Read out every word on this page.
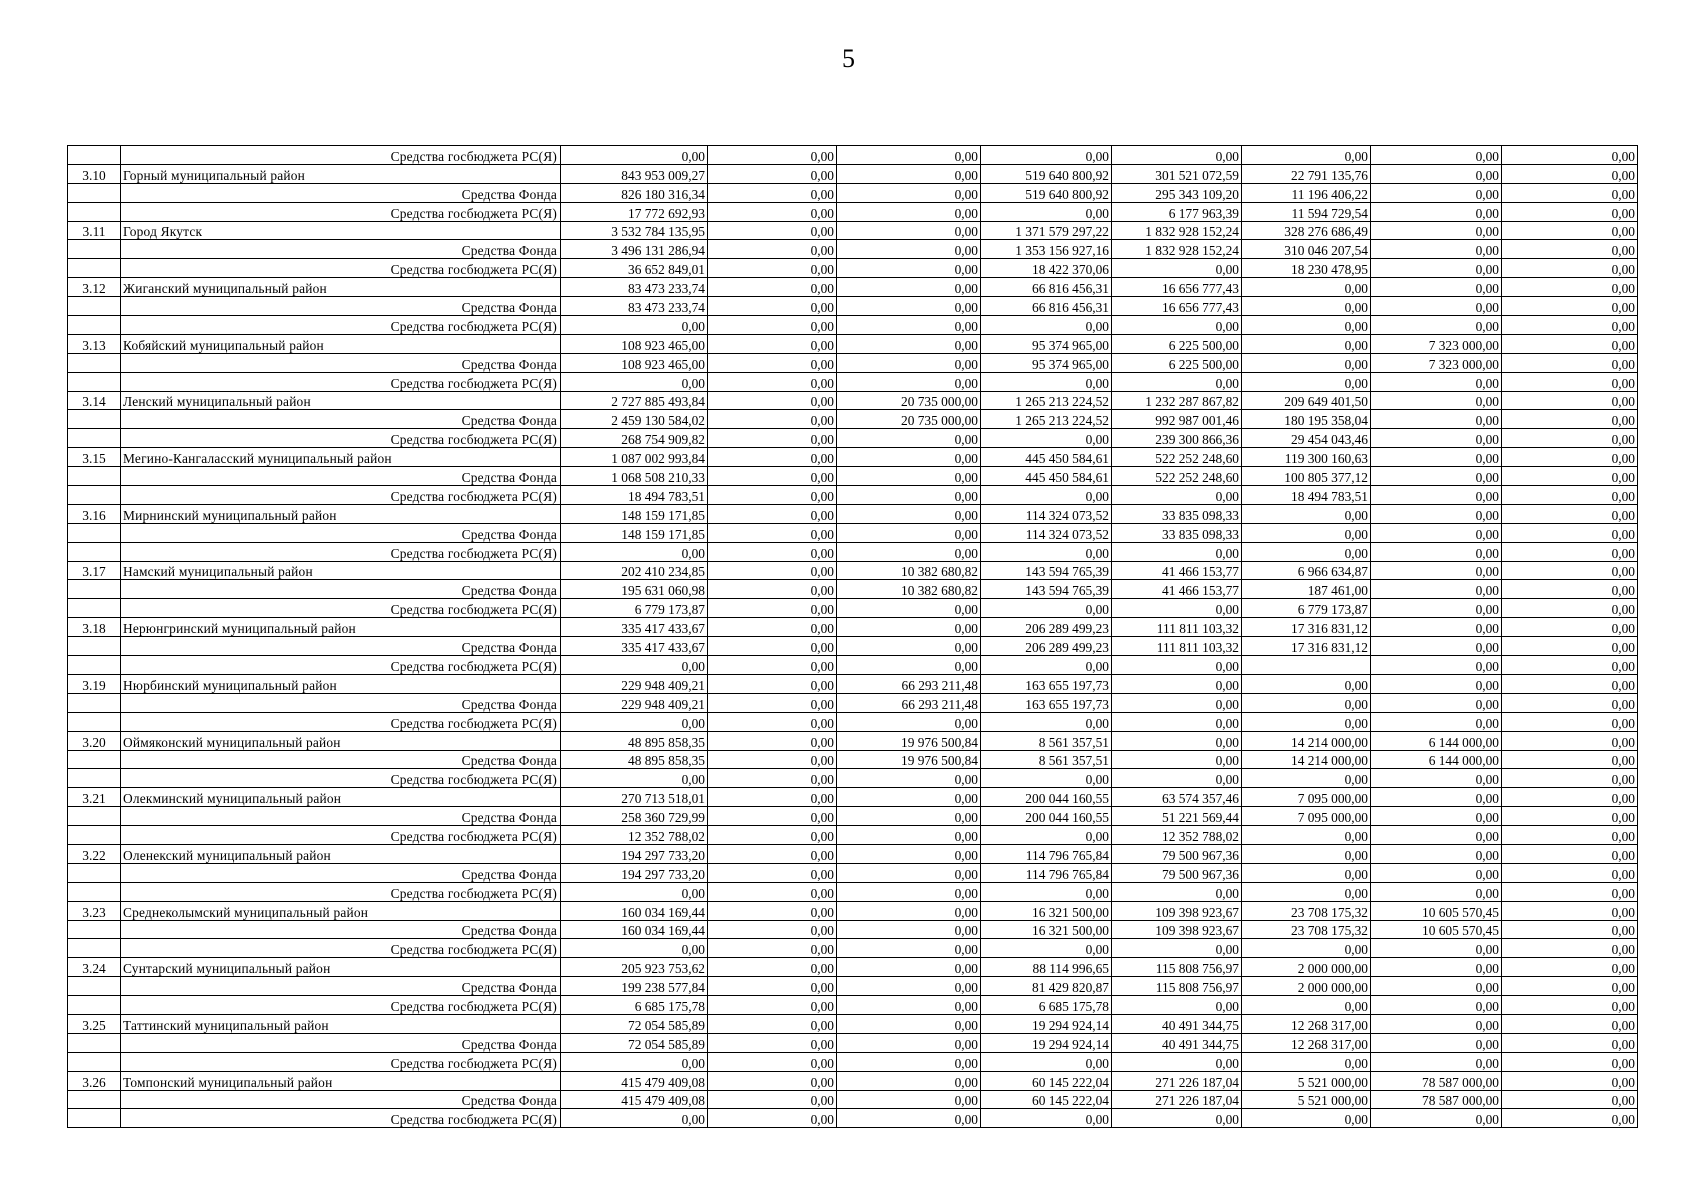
5
	Средства госбюджета РС(Я)	0,00	0,00	0,00	0,00	0,00	0,00	0,00	0,00
3.10	Горный муниципальный район	843 953 009,27	0,00	0,00	519 640 800,92	301 521 072,59	22 791 135,76	0,00	0,00
	Средства Фонда	826 180 316,34	0,00	0,00	519 640 800,92	295 343 109,20	11 196 406,22	0,00	0,00
	Средства госбюджета РС(Я)	17 772 692,93	0,00	0,00	0,00	6 177 963,39	11 594 729,54	0,00	0,00
3.11	Город Якутск	3 532 784 135,95	0,00	0,00	1 371 579 297,22	1 832 928 152,24	328 276 686,49	0,00	0,00
	Средства Фонда	3 496 131 286,94	0,00	0,00	1 353 156 927,16	1 832 928 152,24	310 046 207,54	0,00	0,00
	Средства госбюджета РС(Я)	36 652 849,01	0,00	0,00	18 422 370,06	0,00	18 230 478,95	0,00	0,00
3.12	Жиганский муниципальный район	83 473 233,74	0,00	0,00	66 816 456,31	16 656 777,43	0,00	0,00	0,00
	Средства Фонда	83 473 233,74	0,00	0,00	66 816 456,31	16 656 777,43	0,00	0,00	0,00
	Средства госбюджета РС(Я)	0,00	0,00	0,00	0,00	0,00	0,00	0,00	0,00
3.13	Кобяйский муниципальный район	108 923 465,00	0,00	0,00	95 374 965,00	6 225 500,00	0,00	7 323 000,00	0,00
	Средства Фонда	108 923 465,00	0,00	0,00	95 374 965,00	6 225 500,00	0,00	7 323 000,00	0,00
	Средства госбюджета РС(Я)	0,00	0,00	0,00	0,00	0,00	0,00	0,00	0,00
3.14	Ленский муниципальный район	2 727 885 493,84	0,00	20 735 000,00	1 265 213 224,52	1 232 287 867,82	209 649 401,50	0,00	0,00
	Средства Фонда	2 459 130 584,02	0,00	20 735 000,00	1 265 213 224,52	992 987 001,46	180 195 358,04	0,00	0,00
	Средства госбюджета РС(Я)	268 754 909,82	0,00	0,00	0,00	239 300 866,36	29 454 043,46	0,00	0,00
3.15	Мегино-Кангаласский муниципальный район	1 087 002 993,84	0,00	0,00	445 450 584,61	522 252 248,60	119 300 160,63	0,00	0,00
	Средства Фонда	1 068 508 210,33	0,00	0,00	445 450 584,61	522 252 248,60	100 805 377,12	0,00	0,00
	Средства госбюджета РС(Я)	18 494 783,51	0,00	0,00	0,00	0,00	18 494 783,51	0,00	0,00
3.16	Мирнинский муниципальный район	148 159 171,85	0,00	0,00	114 324 073,52	33 835 098,33	0,00	0,00	0,00
	Средства Фонда	148 159 171,85	0,00	0,00	114 324 073,52	33 835 098,33	0,00	0,00	0,00
	Средства госбюджета РС(Я)	0,00	0,00	0,00	0,00	0,00	0,00	0,00	0,00
3.17	Намский муниципальный район	202 410 234,85	0,00	10 382 680,82	143 594 765,39	41 466 153,77	6 966 634,87	0,00	0,00
	Средства Фонда	195 631 060,98	0,00	10 382 680,82	143 594 765,39	41 466 153,77	187 461,00	0,00	0,00
	Средства госбюджета РС(Я)	6 779 173,87	0,00	0,00	0,00	0,00	6 779 173,87	0,00	0,00
3.18	Нерюнгринский муниципальный район	335 417 433,67	0,00	0,00	206 289 499,23	111 811 103,32	17 316 831,12	0,00	0,00
	Средства Фонда	335 417 433,67	0,00	0,00	206 289 499,23	111 811 103,32	17 316 831,12	0,00	0,00
	Средства госбюджета РС(Я)	0,00	0,00	0,00	0,00	0,00		0,00	0,00
3.19	Нюрбинский муниципальный район	229 948 409,21	0,00	66 293 211,48	163 655 197,73	0,00	0,00	0,00	0,00
	Средства Фонда	229 948 409,21	0,00	66 293 211,48	163 655 197,73	0,00	0,00	0,00	0,00
	Средства госбюджета РС(Я)	0,00	0,00	0,00	0,00	0,00	0,00	0,00	0,00
3.20	Оймяконский муниципальный район	48 895 858,35	0,00	19 976 500,84	8 561 357,51	0,00	14 214 000,00	6 144 000,00	0,00
	Средства Фонда	48 895 858,35	0,00	19 976 500,84	8 561 357,51	0,00	14 214 000,00	6 144 000,00	0,00
	Средства госбюджета РС(Я)	0,00	0,00	0,00	0,00	0,00	0,00	0,00	0,00
3.21	Олекминский муниципальный район	270 713 518,01	0,00	0,00	200 044 160,55	63 574 357,46	7 095 000,00	0,00	0,00
	Средства Фонда	258 360 729,99	0,00	0,00	200 044 160,55	51 221 569,44	7 095 000,00	0,00	0,00
	Средства госбюджета РС(Я)	12 352 788,02	0,00	0,00	0,00	12 352 788,02	0,00	0,00	0,00
3.22	Оленекский муниципальный район	194 297 733,20	0,00	0,00	114 796 765,84	79 500 967,36	0,00	0,00	0,00
	Средства Фонда	194 297 733,20	0,00	0,00	114 796 765,84	79 500 967,36	0,00	0,00	0,00
	Средства госбюджета РС(Я)	0,00	0,00	0,00	0,00	0,00	0,00	0,00	0,00
3.23	Среднеколымский муниципальный район	160 034 169,44	0,00	0,00	16 321 500,00	109 398 923,67	23 708 175,32	10 605 570,45	0,00
	Средства Фонда	160 034 169,44	0,00	0,00	16 321 500,00	109 398 923,67	23 708 175,32	10 605 570,45	0,00
	Средства госбюджета РС(Я)	0,00	0,00	0,00	0,00	0,00	0,00	0,00	0,00
3.24	Сунтарский муниципальный район	205 923 753,62	0,00	0,00	88 114 996,65	115 808 756,97	2 000 000,00	0,00	0,00
	Средства Фонда	199 238 577,84	0,00	0,00	81 429 820,87	115 808 756,97	2 000 000,00	0,00	0,00
	Средства госбюджета РС(Я)	6 685 175,78	0,00	0,00	6 685 175,78	0,00	0,00	0,00	0,00
3.25	Таттинский муниципальный район	72 054 585,89	0,00	0,00	19 294 924,14	40 491 344,75	12 268 317,00	0,00	0,00
	Средства Фонда	72 054 585,89	0,00	0,00	19 294 924,14	40 491 344,75	12 268 317,00	0,00	0,00
	Средства госбюджета РС(Я)	0,00	0,00	0,00	0,00	0,00	0,00	0,00	0,00
3.26	Томпонский муниципальный район	415 479 409,08	0,00	0,00	60 145 222,04	271 226 187,04	5 521 000,00	78 587 000,00	0,00
	Средства Фонда	415 479 409,08	0,00	0,00	60 145 222,04	271 226 187,04	5 521 000,00	78 587 000,00	0,00
	Средства госбюджета РС(Я)	0,00	0,00	0,00	0,00	0,00	0,00	0,00	0,00
